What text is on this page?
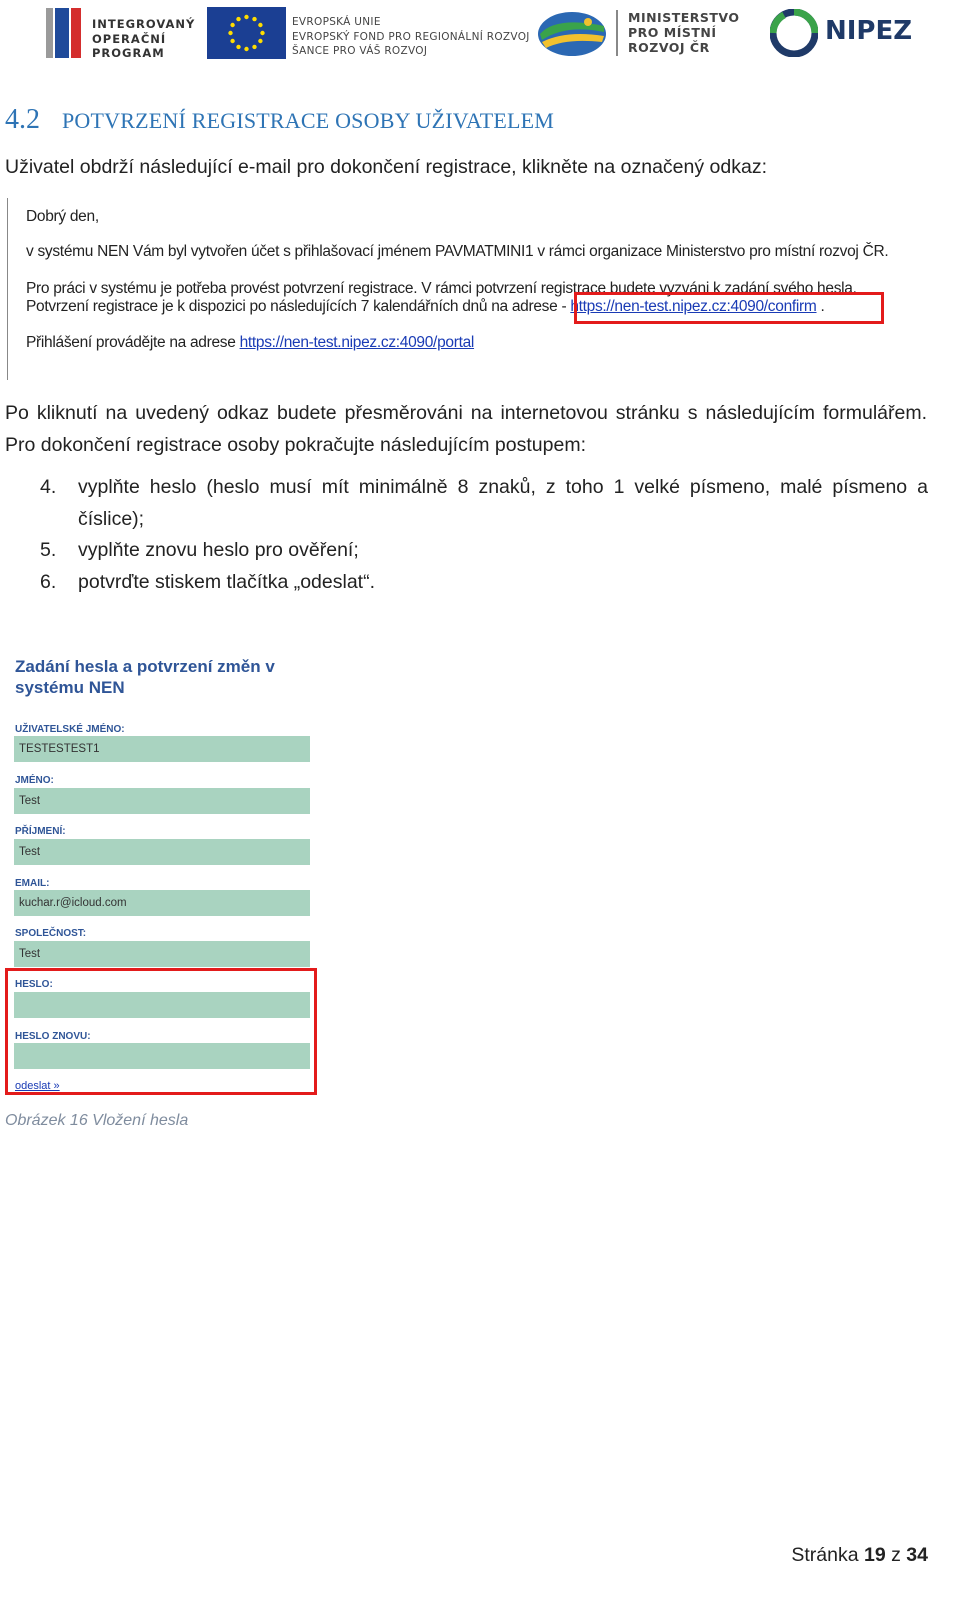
INTEGROVANÝ
OPERAČNÍ
PROGRAM
EVROPSKÁ UNIE
EVROPSKÝ FOND PRO REGIONÁLNÍ ROZVOJ
ŠANCE PRO VÁŠ ROZVOJ
MINISTERSTVO
PRO MÍSTNÍ
ROZVOJ ČR
NIPEZ
4.2 POTVRZENÍ REGISTRACE OSOBY UŽIVATELEM

Uživatel obdrží následující e-mail pro dokončení registrace, klikněte na označený odkaz:

Dobrý den,
v systému NEN Vám byl vytvořen účet s přihlašovací jménem PAVMATMINI1 v rámci organizace Ministerstvo pro místní rozvoj ČR.
Pro práci v systému je potřeba provést potvrzení registrace. V rámci potvrzení registrace budete vyzváni k zadání svého hesla.
Potvrzení registrace je k dispozici po následujících 7 kalendářních dnů na adrese - https://nen-test.nipez.cz:4090/confirm .
Přihlášení provádějte na adrese https://nen-test.nipez.cz:4090/portal

Po kliknutí na uvedený odkaz budete přesměrováni na internetovou stránku s následujícím formulářem. Pro dokončení registrace osoby pokračujte následujícím postupem:

4.	vyplňte heslo (heslo musí mít minimálně 8 znaků, z toho 1 velké písmeno, malé písmeno a číslice);
5.	vyplňte znovu heslo pro ověření;
6.	potvrďte stiskem tlačítka „odeslat“.
Zadání hesla a potvrzení změn v
systému NEN
UŽIVATELSKÉ JMÉNO:
TESTESTEST1
JMÉNO:
Test
PŘÍJMENÍ:
Test
EMAIL:
kuchar.r@icloud.com
SPOLEČNOST:
Test
HESLO:
HESLO ZNOVU:
odeslat »
Obrázek 16 Vložení hesla
Stránka 19 z 34
